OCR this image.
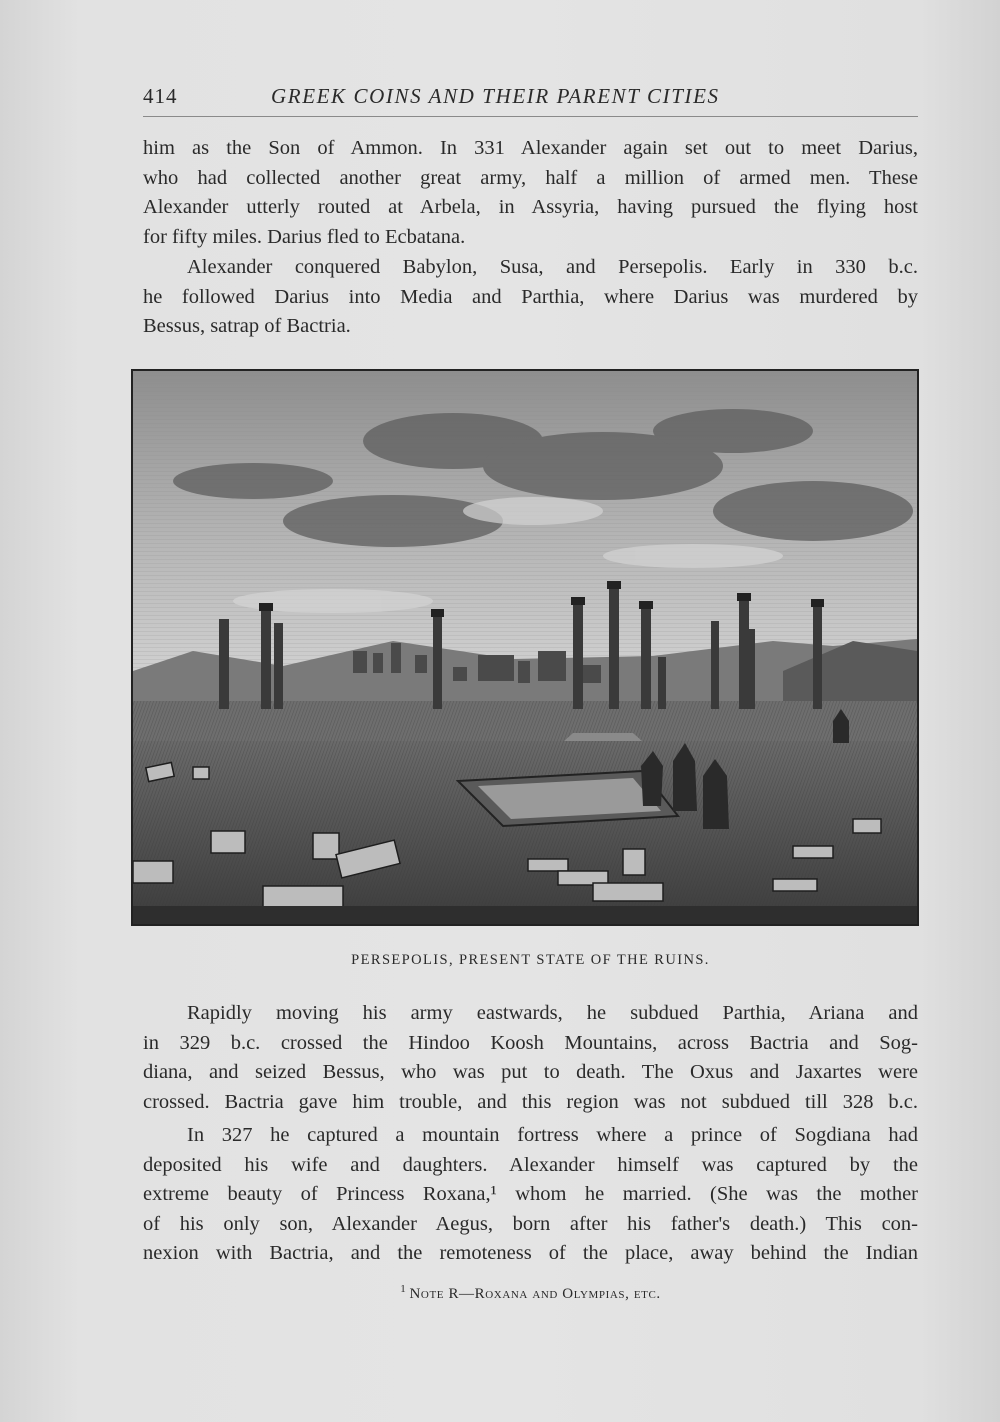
414	GREEK COINS AND THEIR PARENT CITIES

him as the Son of Ammon. In 331 Alexander again set out to meet Darius,
who had collected another great army, half a million of armed men. These
Alexander utterly routed at Arbela, in Assyria, having pursued the flying host
for fifty miles. Darius fled to Ecbatana.

Alexander conquered Babylon, Susa, and Persepolis. Early in 330 b.c.
he followed Darius into Media and Parthia, where Darius was murdered by
Bessus, satrap of Bactria.

PERSEPOLIS, PRESENT STATE OF THE RUINS.

Rapidly moving his army eastwards, he subdued Parthia, Ariana and
in 329 b.c. crossed the Hindoo Koosh Mountains, across Bactria and Sog-
diana, and seized Bessus, who was put to death. The Oxus and Jaxartes were
crossed. Bactria gave him trouble, and this region was not subdued till 328 b.c.

In 327 he captured a mountain fortress where a prince of Sogdiana had
deposited his wife and daughters. Alexander himself was captured by the
extreme beauty of Princess Roxana,¹ whom he married. (She was the mother
of his only son, Alexander Aegus, born after his father's death.) This con-
nexion with Bactria, and the remoteness of the place, away behind the Indian

$^1$ Note R—Roxana and Olympias, etc.
